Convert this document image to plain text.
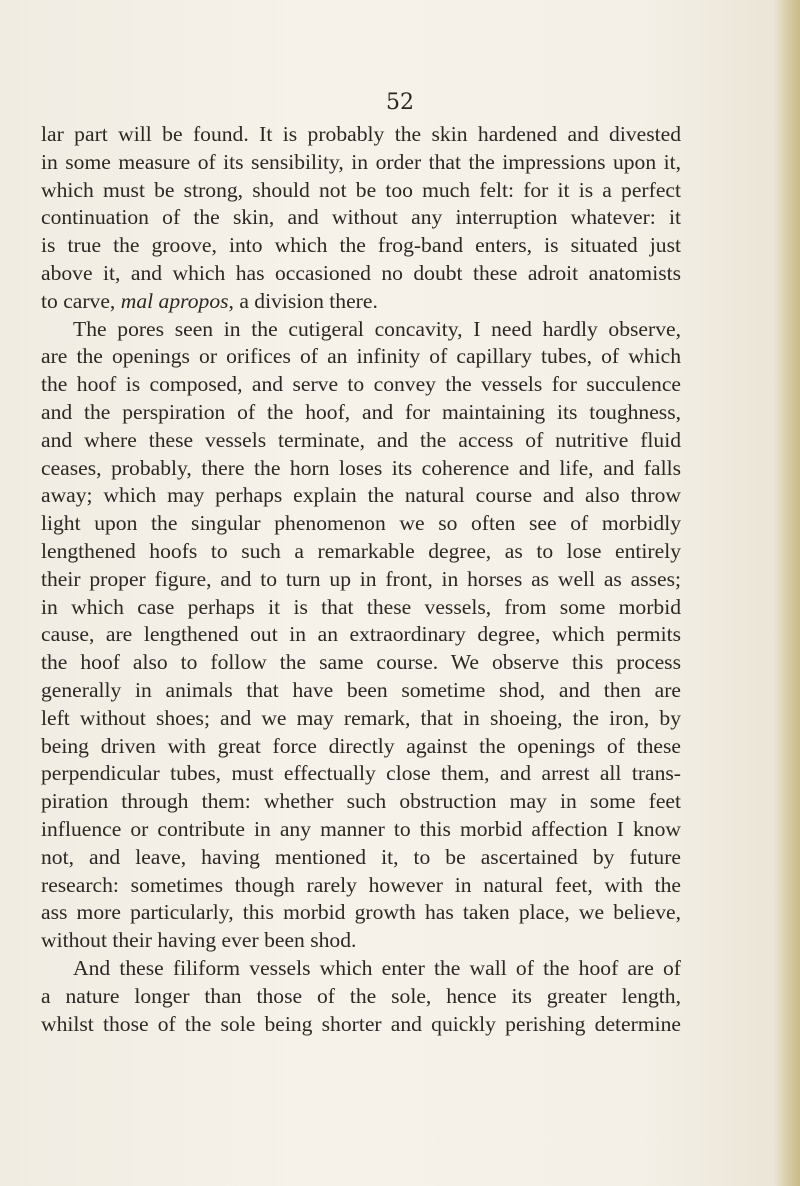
52
lar part will be found. It is probably the skin hardened and divested
in some measure of its sensibility, in order that the impressions upon it,
which must be strong, should not be too much felt: for it is a perfect
continuation of the skin, and without any interruption whatever: it
is true the groove, into which the frog-band enters, is situated just
above it, and which has occasioned no doubt these adroit anatomists
to carve, mal apropos, a division there.
The pores seen in the cutigeral concavity, I need hardly observe,
are the openings or orifices of an infinity of capillary tubes, of which
the hoof is composed, and serve to convey the vessels for succulence
and the perspiration of the hoof, and for maintaining its toughness,
and where these vessels terminate, and the access of nutritive fluid
ceases, probably, there the horn loses its coherence and life, and falls
away; which may perhaps explain the natural course and also throw
light upon the singular phenomenon we so often see of morbidly
lengthened hoofs to such a remarkable degree, as to lose entirely
their proper figure, and to turn up in front, in horses as well as asses;
in which case perhaps it is that these vessels, from some morbid
cause, are lengthened out in an extraordinary degree, which permits
the hoof also to follow the same course. We observe this process
generally in animals that have been sometime shod, and then are
left without shoes; and we may remark, that in shoeing, the iron, by
being driven with great force directly against the openings of these
perpendicular tubes, must effectually close them, and arrest all trans-
piration through them: whether such obstruction may in some feet
influence or contribute in any manner to this morbid affection I know
not, and leave, having mentioned it, to be ascertained by future
research: sometimes though rarely however in natural feet, with the
ass more particularly, this morbid growth has taken place, we believe,
without their having ever been shod.
And these filiform vessels which enter the wall of the hoof are of
a nature longer than those of the sole, hence its greater length,
whilst those of the sole being shorter and quickly perishing determine
